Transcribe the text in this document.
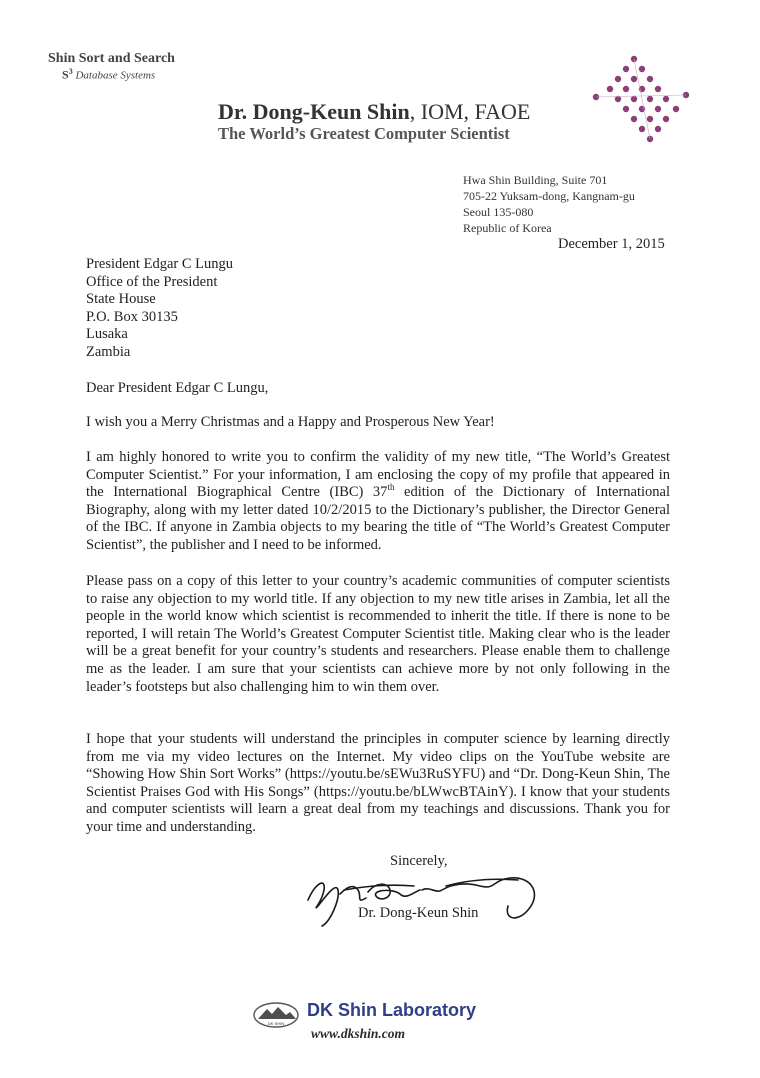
Shin Sort and Search
$S^3$ Database Systems
Dr. Dong-Keun Shin, IOM, FAOE
The World’s Greatest Computer Scientist
Hwa Shin Building, Suite 701
705-22 Yuksam-dong, Kangnam-gu
Seoul 135-080
Republic of Korea
December 1, 2015
President Edgar C Lungu
Office of the President
State House
P.O. Box 30135
Lusaka
Zambia
Dear President Edgar C Lungu,
I wish you a Merry Christmas and a Happy and Prosperous New Year!
I am highly honored to write you to confirm the validity of my new title, “The World’s Greatest Computer Scientist.” For your information, I am enclosing the copy of my profile that appeared in the International Biographical Centre (IBC) 37th edition of the Dictionary of International Biography, along with my letter dated 10/2/2015 to the Dictionary’s publisher, the Director General of the IBC. If anyone in Zambia objects to my bearing the title of “The World’s Greatest Computer Scientist”, the publisher and I need to be informed.
Please pass on a copy of this letter to your country’s academic communities of computer scientists to raise any objection to my world title. If any objection to my new title arises in Zambia, let all the people in the world know which scientist is recommended to inherit the title. If there is none to be reported, I will retain The World’s Greatest Computer Scientist title. Making clear who is the leader will be a great benefit for your country’s students and researchers. Please enable them to challenge me as the leader. I am sure that your scientists can achieve more by not only following in the leader’s footsteps but also challenging him to win them over.
I hope that your students will understand the principles in computer science by learning directly from me via my video lectures on the Internet. My video clips on the YouTube website are “Showing How Shin Sort Works” (https://youtu.be/sEWu3RuSYFU) and “Dr. Dong-Keun Shin, The Scientist Praises God with His Songs” (https://youtu.be/bLWwcBTAinY). I know that your students and computer scientists will learn a great deal from my teachings and discussions. Thank you for your time and understanding.
Sincerely,
Dr. Dong-Keun Shin
DK SHIN
DK Shin Laboratory
www.dkshin.com
